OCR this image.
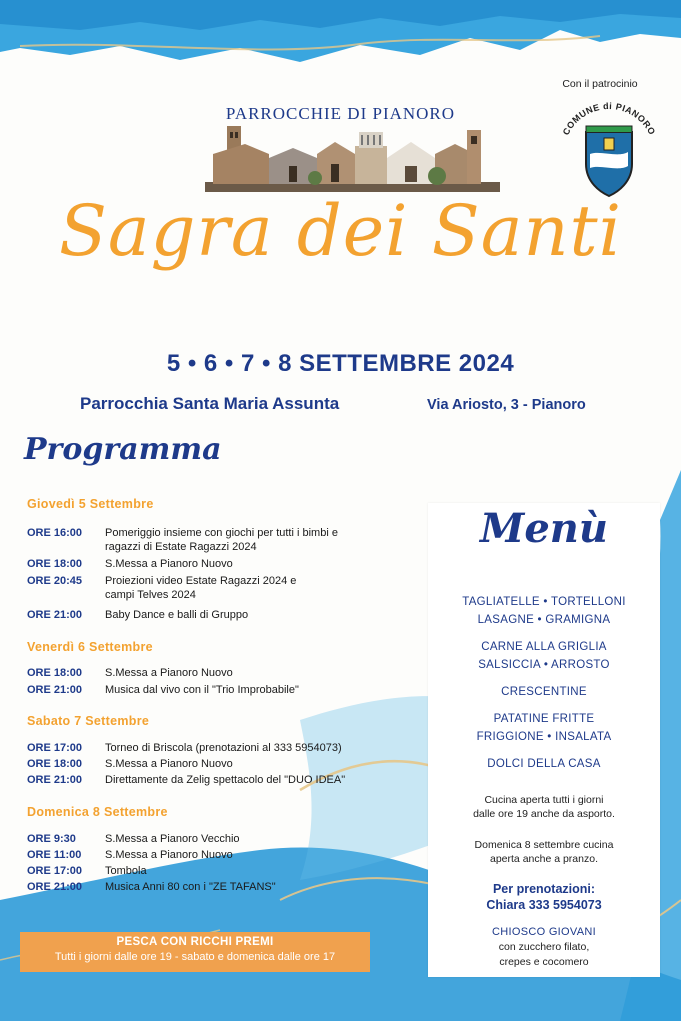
PARROCCHIE DI PIANORO
Con il patrocinio
COMUNE di PIANORO
Sagra dei Santi
5 • 6 • 7 • 8 SETTEMBRE 2024
Parrocchia Santa Maria Assunta	Via Ariosto, 3 - Pianoro
Programma
Giovedì 5 Settembre
ORE 16:00	Pomeriggio insieme con giochi per tutti i bimbi e
ragazzi di Estate Ragazzi 2024
ORE 18:00	S.Messa a Pianoro Nuovo
ORE 20:45	Proiezioni video Estate Ragazzi 2024 e
campi Telves 2024
ORE 21:00	Baby Dance e balli di Gruppo
Venerdì 6 Settembre
ORE 18:00	S.Messa a Pianoro Nuovo
ORE 21:00	Musica dal vivo con il "Trio Improbabile"
Sabato 7 Settembre
ORE 17:00	Torneo di Briscola (prenotazioni al 333 5954073)
ORE 18:00	S.Messa a Pianoro Nuovo
ORE 21:00	Direttamente da Zelig spettacolo del "DUO IDEA"
Domenica 8 Settembre
ORE 9:30	S.Messa a Pianoro Vecchio
ORE 11:00	S.Messa a Pianoro Nuovo
ORE 17:00	Tombola
ORE 21:00	Musica Anni 80 con i "ZE TAFANS"
PESCA CON RICCHI PREMI
Tutti i giorni dalle ore 19 - sabato e domenica dalle ore 17
Menù
TAGLIATELLE • TORTELLONI
LASAGNE • GRAMIGNA
CARNE ALLA GRIGLIA
SALSICCIA • ARROSTO
CRESCENTINE
PATATINE FRITTE
FRIGGIONE • INSALATA
DOLCI DELLA CASA
Cucina aperta tutti i giorni
dalle ore 19 anche da asporto.
Domenica 8 settembre cucina
aperta anche a pranzo.
Per prenotazioni:
Chiara 333 5954073
CHIOSCO GIOVANI
con zucchero filato,
crepes e cocomero
